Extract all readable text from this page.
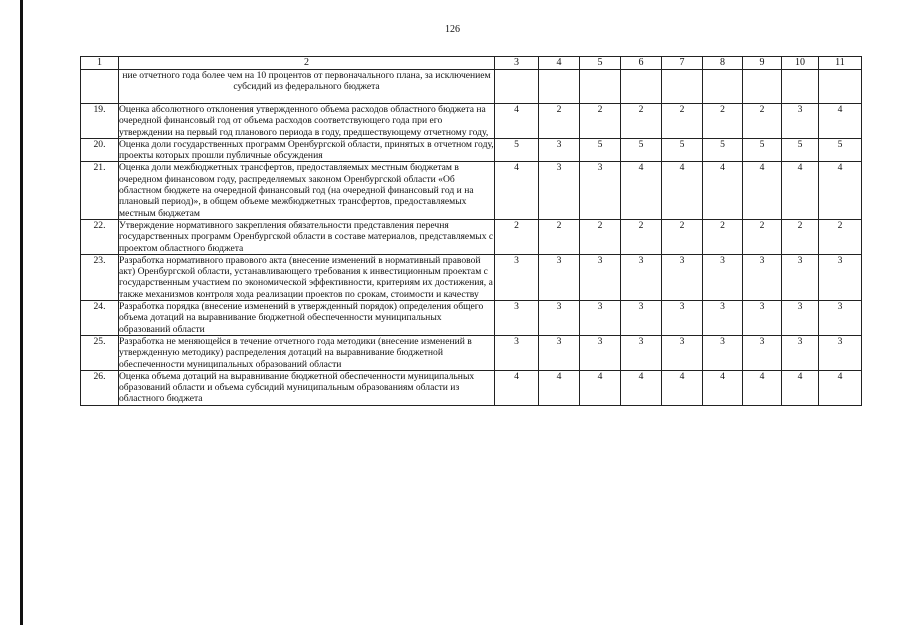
126
1	2	3	4	5	6	7	8	9	10	11
	ние отчетного года более чем на 10 процентов от первоначального плана, за исключением субсидий из федерального бюджета									
19.	Оценка абсолютного отклонения утвержденного объема расходов областного бюджета на очередной финансовый год от объема расходов соответствующего года при его утверждении на первый год планового периода в году, предшествующему отчетному году,	4	2	2	2	2	2	2	3	4
20.	Оценка доли государственных программ Оренбургской области, принятых в отчетном году, проекты которых прошли публичные обсуждения	5	3	5	5	5	5	5	5	5
21.	Оценка доли межбюджетных трансфертов, предоставляемых местным бюджетам в очередном финансовом году, распределяемых законом Оренбургской области «Об областном бюджете на очередной финансовый год (на очередной финансовый год и на плановый период)», в общем объеме межбюджетных трансфертов, предоставляемых местным бюджетам	4	3	3	4	4	4	4	4	4
22.	Утверждение нормативного закрепления обязательности представления перечня государственных программ Оренбургской области в составе материалов, представляемых с проектом областного бюджета	2	2	2	2	2	2	2	2	2
23.	Разработка нормативного правового акта (внесение изменений в нормативный правовой акт) Оренбургской области, устанавливающего требования к инвестиционным проектам с государственным участием по экономической эффективности, критериям их достижения, а также механизмов контроля хода реализации проектов по срокам, стоимости и качеству	3	3	3	3	3	3	3	3	3
24.	Разработка порядка (внесение изменений в утвержденный порядок) определения общего объема дотаций на выравнивание бюджетной обеспеченности муниципальных образований области	3	3	3	3	3	3	3	3	3
25.	Разработка не меняющейся в течение отчетного года методики (внесение изменений в утвержденную методику) распределения дотаций на выравнивание бюджетной обеспеченности муниципальных образований области	3	3	3	3	3	3	3	3	3
26.	Оценка объема дотаций на выравнивание бюджетной обеспеченности муниципальных образований области и объема субсидий муниципальным образованиям области из областного бюджета	4	4	4	4	4	4	4	4	4
